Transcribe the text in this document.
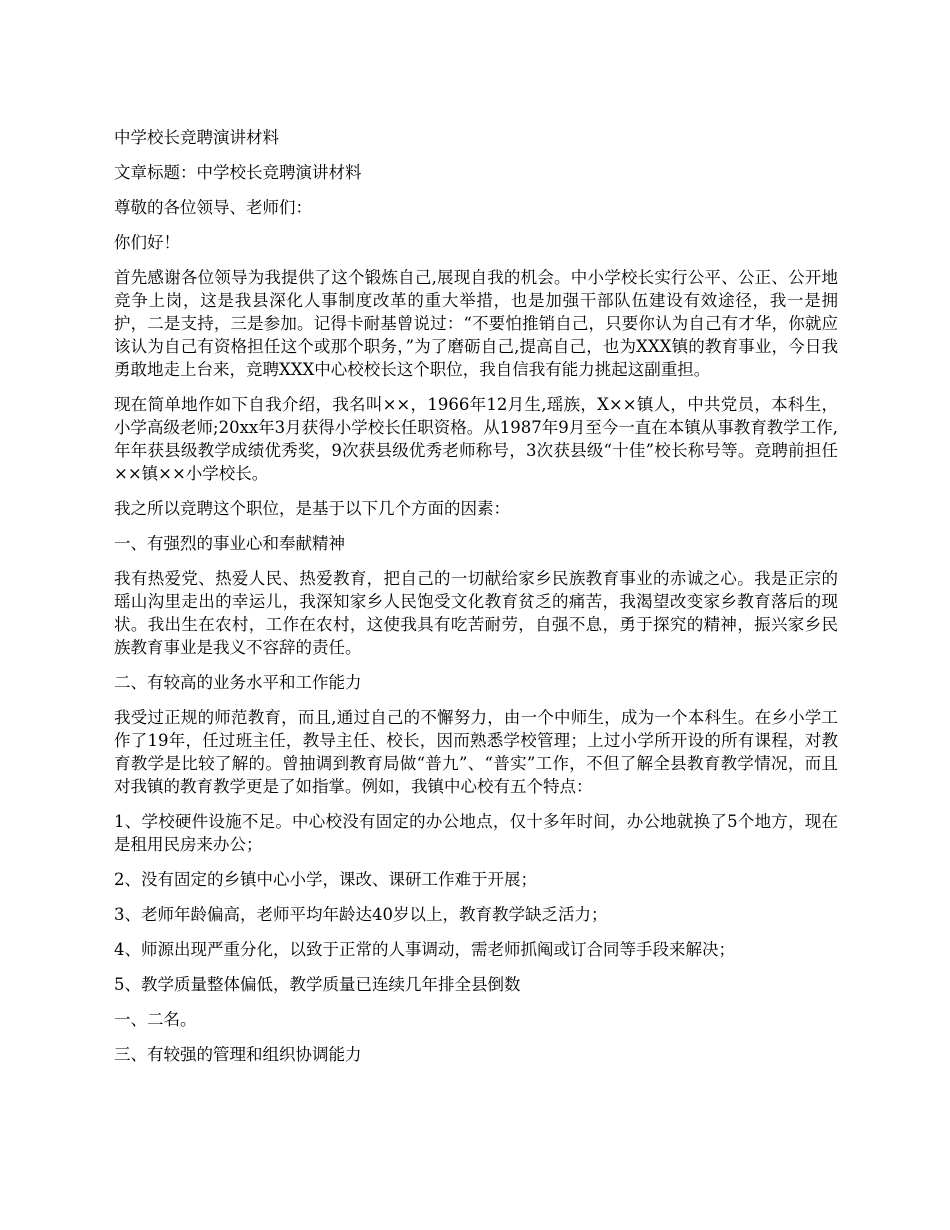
中学校长竞聘演讲材料

文章标题：中学校长竞聘演讲材料

尊敬的各位领导、老师们：

你们好！

首先感谢各位领导为我提供了这个锻炼自己,展现自我的机会。中小学校长实行公平、公正、公开地竞争上岗，这是我县深化人事制度改革的重大举措，也是加强干部队伍建设有效途径，我一是拥护，二是支持，三是参加。记得卡耐基曾说过：“不要怕推销自己，只要你认为自己有才华，你就应该认为自己有资格担任这个或那个职务，”为了磨砺自己,提高自己，也为XXX镇的教育事业，今日我勇敢地走上台来，竞聘XXX中心校校长这个职位，我自信我有能力挑起这副重担。

现在简单地作如下自我介绍，我名叫××，1966年12月生,瑶族，X××镇人，中共党员，本科生，小学高级老师;20xx年3月获得小学校长任职资格。从1987年9月至今一直在本镇从事教育教学工作,年年获县级教学成绩优秀奖，9次获县级优秀老师称号，3次获县级“十佳”校长称号等。竞聘前担任××镇××小学校长。

我之所以竞聘这个职位，是基于以下几个方面的因素：

一、有强烈的事业心和奉献精神

我有热爱党、热爱人民、热爱教育，把自己的一切献给家乡民族教育事业的赤诚之心。我是正宗的瑶山沟里走出的幸运儿，我深知家乡人民饱受文化教育贫乏的痛苦，我渴望改变家乡教育落后的现状。我出生在农村，工作在农村，这使我具有吃苦耐劳，自强不息，勇于探究的精神，振兴家乡民族教育事业是我义不容辞的责任。

二、有较高的业务水平和工作能力

我受过正规的师范教育，而且,通过自己的不懈努力，由一个中师生，成为一个本科生。在乡小学工作了19年，任过班主任，教导主任、校长，因而熟悉学校管理；上过小学所开设的所有课程，对教育教学是比较了解的。曾抽调到教育局做“普九”、“普实”工作，不但了解全县教育教学情况，而且对我镇的教育教学更是了如指掌。例如，我镇中心校有五个特点：

1、学校硬件设施不足。中心校没有固定的办公地点，仅十多年时间，办公地就换了5个地方，现在是租用民房来办公；

2、没有固定的乡镇中心小学，课改、课研工作难于开展；

3、老师年龄偏高，老师平均年龄达40岁以上，教育教学缺乏活力；

4、师源出现严重分化，以致于正常的人事调动，需老师抓阄或订合同等手段来解决；

5、教学质量整体偏低，教学质量已连续几年排全县倒数

一、二名。

三、有较强的管理和组织协调能力
